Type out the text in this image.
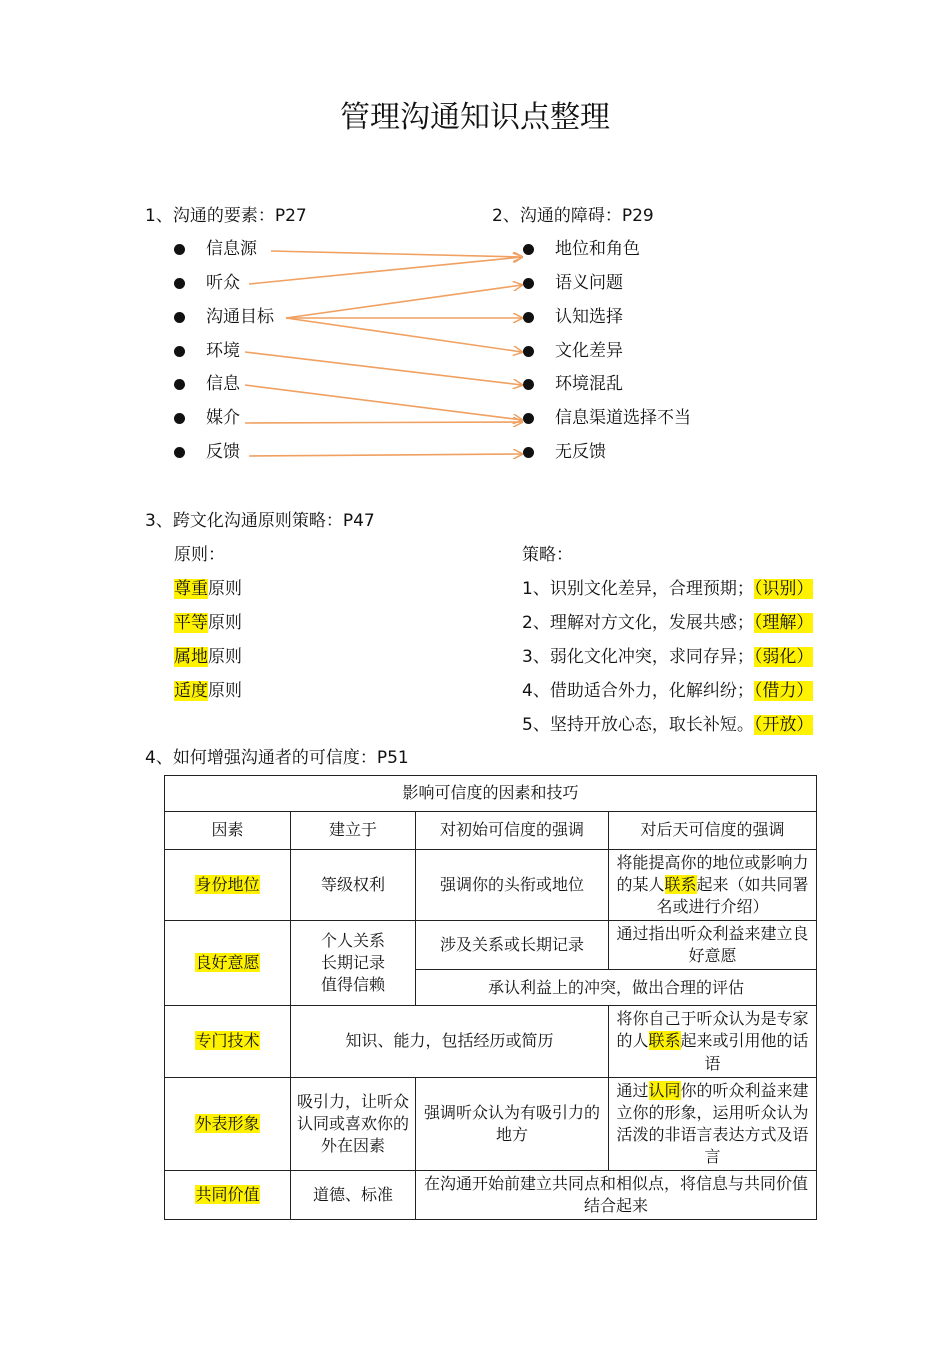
管理沟通知识点整理
1、沟通的要素：P27	2、沟通的障碍：P29
信息源
听众
沟通目标
环境
信息
媒介
反馈
地位和角色
语义问题
认知选择
文化差异
环境混乱
信息渠道选择不当
无反馈
3、跨文化沟通原则策略：P47
原则：	策略：
尊重原则
平等原则
属地原则
适度原则
1、识别文化差异，合理预期；（识别）
2、理解对方文化，发展共感；（理解）
3、弱化文化冲突，求同存异；（弱化）
4、借助适合外力，化解纠纷；（借力）
5、坚持开放心态，取长补短。（开放）
4、如何增强沟通者的可信度：P51
影响可信度的因素和技巧			
因素	建立于	对初始可信度的强调	对后天可信度的强调
身份地位	等级权利	强调你的头衔或地位	将能提高你的地位或影响力的某人联系起来（如共同署名或进行介绍）
良好意愿	个人关系
长期记录
值得信赖	涉及关系或长期记录	通过指出听众利益来建立良好意愿
		承认利益上的冲突，做出合理的评估	
专门技术	知识、能力，包括经历或简历		将你自己于听众认为是专家的人联系起来或引用他的话语
外表形象	吸引力，让听众认同或喜欢你的外在因素	强调听众认为有吸引力的地方	通过认同你的听众利益来建立你的形象，运用听众认为活泼的非语言表达方式及语言
共同价值	道德、标准	在沟通开始前建立共同点和相似点，将信息与共同价值结合起来	
